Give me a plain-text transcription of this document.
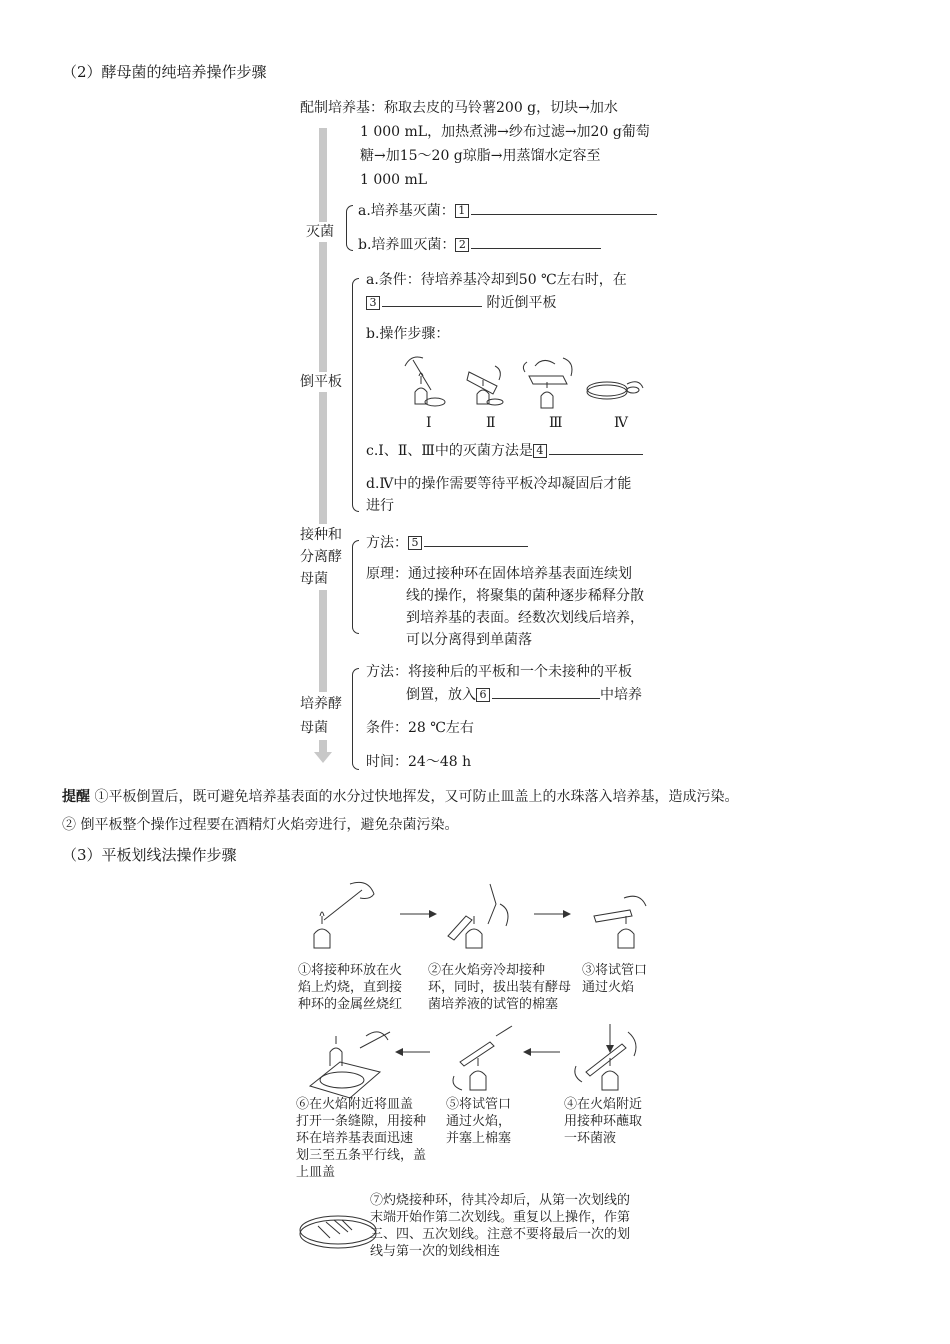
（2）酵母菌的纯培养操作步骤
配制培养基：称取去皮的马铃薯200 g，切块→加水
1 000 mL，加热煮沸→纱布过滤→加20 g葡萄
糖→加15～20 g琼脂→用蒸馏水定容至
1 000 mL
灭菌
a.培养基灭菌： 1
b.培养皿灭菌： 2
倒平板
a.条件：待培养基冷却到50 ℃左右时，在
3	附近倒平板
b.操作步骤：
Ⅰ	Ⅱ	Ⅲ	Ⅳ
c.Ⅰ、Ⅱ、Ⅲ中的灭菌方法是 4
d.Ⅳ中的操作需要等待平板冷却凝固后才能
进行
接种和
分离酵
母菌
方法： 5
原理：通过接种环在固体培养基表面连续划
线的操作，将聚集的菌种逐步稀释分散
到培养基的表面。经数次划线后培养，
可以分离得到单菌落
培养酵
母菌
方法：将接种后的平板和一个未接种的平板
倒置，放入 6	中培养
条件：28 ℃左右
时间：24～48 h
提醒 ①平板倒置后，既可避免培养基表面的水分过快地挥发，又可防止皿盖上的水珠落入培养基，造成污染。
② 倒平板整个操作过程要在酒精灯火焰旁进行，避免杂菌污染。
（3）平板划线法操作步骤
①将接种环放在火
焰上灼烧，直到接
种环的金属丝烧红
②在火焰旁冷却接种
环，同时，拔出装有酵母
菌培养液的试管的棉塞
③将试管口
通过火焰
④在火焰附近
用接种环蘸取
一环菌液
⑤将试管口
通过火焰，
并塞上棉塞
⑥在火焰附近将皿盖
打开一条缝隙，用接种
环在培养基表面迅速
划三至五条平行线，盖
上皿盖
⑦灼烧接种环，待其冷却后，从第一次划线的
末端开始作第二次划线。重复以上操作，作第
三、四、五次划线。注意不要将最后一次的划
线与第一次的划线相连
